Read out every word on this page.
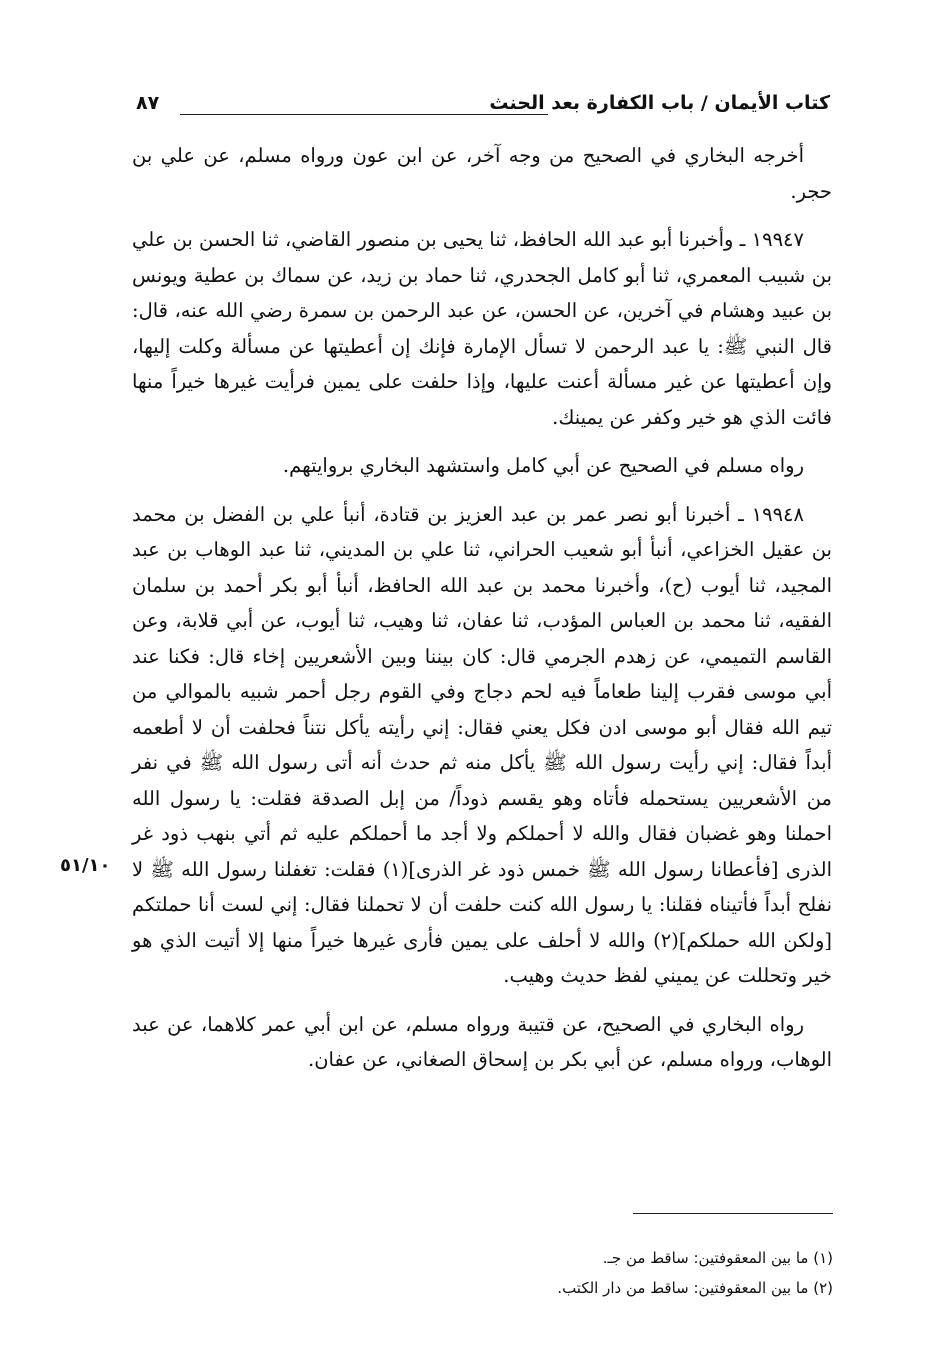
كتاب الأيمان / باب الكفارة بعد الحنث
٨٧

أخرجه البخاري في الصحيح من وجه آخر، عن ابن عون ورواه مسلم، عن علي بن حجر.

١٩٩٤٧ ـ وأخبرنا أبو عبد الله الحافظ، ثنا يحيى بن منصور القاضي، ثنا الحسن بن علي بن شبيب المعمري، ثنا أبو كامل الجحدري، ثنا حماد بن زيد، عن سماك بن عطية ويونس بن عبيد وهشام في آخرين، عن الحسن، عن عبد الرحمن بن سمرة رضي الله عنه، قال: قال النبي ﷺ: يا عبد الرحمن لا تسأل الإمارة فإنك إن أعطيتها عن مسألة وكلت إليها، وإن أعطيتها عن غير مسألة أعنت عليها، وإذا حلفت على يمين فرأيت غيرها خيراً منها فائت الذي هو خير وكفر عن يمينك.

رواه مسلم في الصحيح عن أبي كامل واستشهد البخاري بروايتهم.

١٩٩٤٨ ـ أخبرنا أبو نصر عمر بن عبد العزيز بن قتادة، أنبأ علي بن الفضل بن محمد بن عقيل الخزاعي، أنبأ أبو شعيب الحراني، ثنا علي بن المديني، ثنا عبد الوهاب بن عبد المجيد، ثنا أيوب (ح)، وأخبرنا محمد بن عبد الله الحافظ، أنبأ أبو بكر أحمد بن سلمان الفقيه، ثنا محمد بن العباس المؤدب، ثنا عفان، ثنا وهيب، ثنا أيوب، عن أبي قلابة، وعن القاسم التميمي، عن زهدم الجرمي قال: كان بيننا وبين الأشعريين إخاء قال: فكنا عند أبي موسى فقرب إلينا طعاماً فيه لحم دجاج وفي القوم رجل أحمر شبيه بالموالي من تيم الله فقال أبو موسى ادن فكل يعني فقال: إني رأيته يأكل نتناً فحلفت أن لا أطعمه أبداً فقال: إني رأيت رسول الله ﷺ يأكل منه ثم حدث أنه أتى رسول الله ﷺ في نفر من الأشعريين يستحمله فأتاه وهو يقسم ذوداً/ من إبل الصدقة فقلت: يا رسول الله احملنا وهو غضبان فقال والله لا أحملكم ولا أجد ما أحملكم عليه ثم أتي بنهب ذود غر الذرى [فأعطانا رسول الله ﷺ خمس ذود غر الذرى](١) فقلت: تغفلنا رسول الله ﷺ لا نفلح أبداً فأتيناه فقلنا: يا رسول الله كنت حلفت أن لا تحملنا فقال: إني لست أنا حملتكم [ولكن الله حملكم](٢) والله لا أحلف على يمين فأرى غيرها خيراً منها إلا أتيت الذي هو خير وتحللت عن يميني لفظ حديث وهيب.

رواه البخاري في الصحيح، عن قتيبة ورواه مسلم، عن ابن أبي عمر كلاهما، عن عبد الوهاب، ورواه مسلم، عن أبي بكر بن إسحاق الصغاني، عن عفان.

٥١/١٠
(١) ما بين المعقوفتين: ساقط من جـ.
(٢) ما بين المعقوفتين: ساقط من دار الكتب.
